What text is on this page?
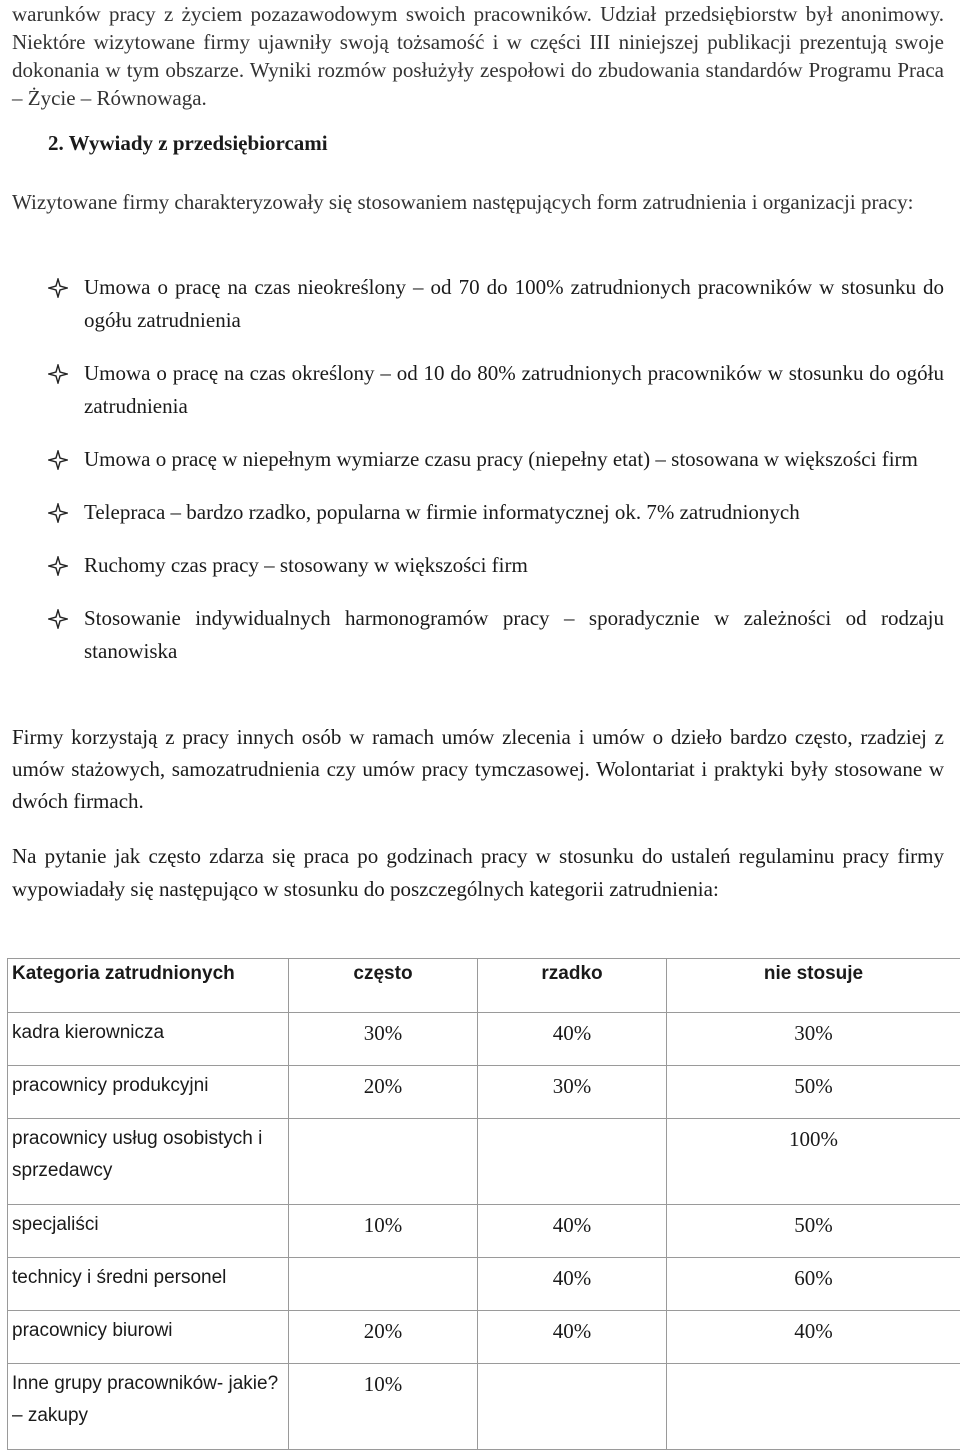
warunków pracy z życiem pozazawodowym swoich pracowników. Udział przedsiębiorstw był anonimowy. Niektóre wizytowane firmy ujawniły swoją tożsamość i w części III niniejszej publikacji prezentują swoje dokonania w tym obszarze. Wyniki rozmów posłużyły zespołowi do zbudowania standardów Programu Praca – Życie – Równowaga.

2. Wywiady z przedsiębiorcami

Wizytowane firmy charakteryzowały się stosowaniem następujących form zatrudnienia i organizacji pracy:

Umowa o pracę na czas nieokreślony – od 70 do 100% zatrudnionych pracowników w stosunku do ogółu zatrudnienia
Umowa o pracę na czas określony – od 10 do 80% zatrudnionych pracowników w stosunku do ogółu zatrudnienia
Umowa o pracę w niepełnym wymiarze czasu pracy (niepełny etat) – stosowana w większości firm
Telepraca – bardzo rzadko, popularna w firmie informatycznej ok. 7% zatrudnionych
Ruchomy czas pracy – stosowany w większości firm
Stosowanie indywidualnych harmonogramów pracy – sporadycznie w zależności od rodzaju stanowiska

Firmy korzystają z pracy innych osób w ramach umów zlecenia i umów o dzieło bardzo często, rzadziej z umów stażowych, samozatrudnienia czy umów pracy tymczasowej. Wolontariat i praktyki były stosowane w dwóch firmach.

Na pytanie jak często zdarza się praca po godzinach pracy w stosunku do ustaleń regulaminu pracy firmy wypowiadały się następująco w stosunku do poszczególnych kategorii zatrudnienia:

Kategoria zatrudnionych	często	rzadko	nie stosuje
kadra kierownicza	30%	40%	30%
pracownicy produkcyjni	20%	30%	50%
pracownicy usług osobistych i sprzedawcy			100%
specjaliści	10%	40%	50%
technicy i średni personel		40%	60%
pracownicy biurowi	20%	40%	40%
Inne grupy pracowników- jakie? – zakupy	10%		
